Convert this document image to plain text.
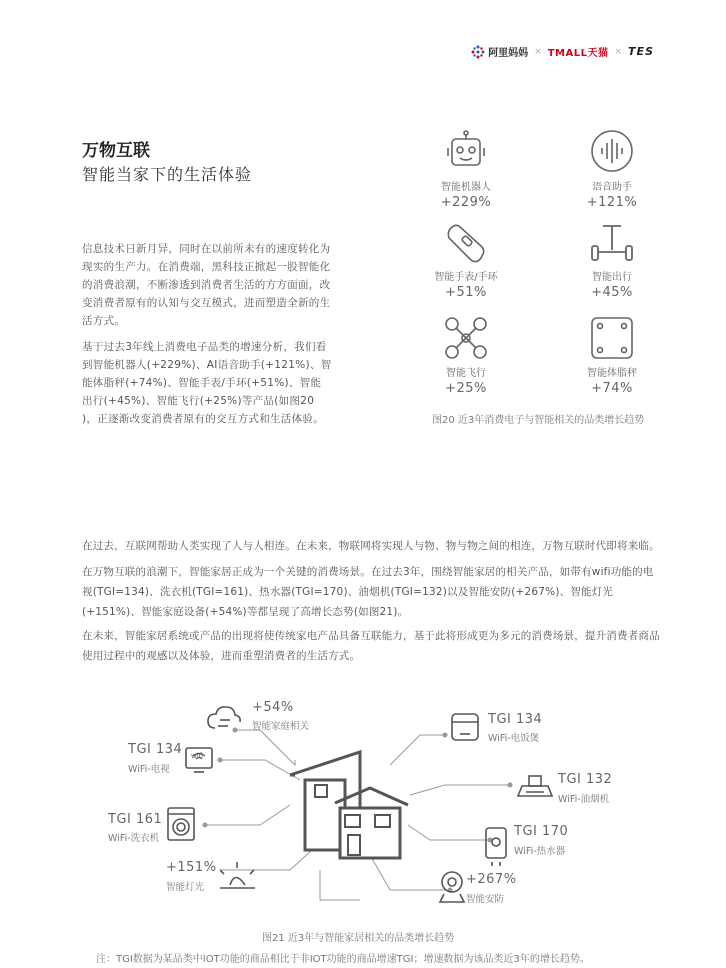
阿里妈妈 × TMALL天猫 × TES
万物互联
智能当家下的生活体验
信息技术日新月异，同时在以前所未有的速度转化为现实的生产力。在消费端，黑科技正掀起一股智能化的消费浪潮，不断渗透到消费者生活的方方面面，改变消费者原有的认知与交互模式，进而塑造全新的生活方式。
基于过去3年线上消费电子品类的增速分析，我们看到智能机器人(+229%)、AI语音助手(+121%)、智能体脂秤(+74%)、智能手表/手环(+51%)、智能出行(+45%)、智能飞行(+25%)等产品(如图20 )，正逐渐改变消费者原有的交互方式和生活体验。
智能机器人
+229%
语音助手
+121%
智能手表/手环
+51%
智能出行
+45%
智能飞行
+25%
智能体脂秤
+74%
图20 近3年消费电子与智能相关的品类增长趋势
在过去，互联网帮助人类实现了人与人相连。在未来，物联网将实现人与物、物与物之间的相连，万物互联时代即将来临。
在万物互联的浪潮下，智能家居正成为一个关键的消费场景。在过去3年，围绕智能家居的相关产品，如带有wifi功能的电视(TGI=134)、洗衣机(TGI=161)、热水器(TGI=170)、油烟机(TGI=132)以及智能安防(+267%)、智能灯光(+151%)、智能家庭设备(+54%)等都呈现了高增长态势(如图21)。
在未来，智能家居系统或产品的出现将使传统家电产品具备互联能力，基于此将形成更为多元的消费场景，提升消费者商品使用过程中的观感以及体验，进而重塑消费者的生活方式。
wifi
+54%
智能家庭相关	TGI 134
WiFi-电饭煲
TGI 134
WiFi-电视
TGI 132
WiFi-油烟机
TGI 161
WiFi-洗衣机	TGI 170
WiFi-热水器
+151%
智能灯光
+267%
智能安防
图21 近3年与智能家居相关的品类增长趋势
注：TGI数据为某品类中IOT功能的商品相比于非IOT功能的商品增速TGI；增速数据为该品类近3年的增长趋势。
